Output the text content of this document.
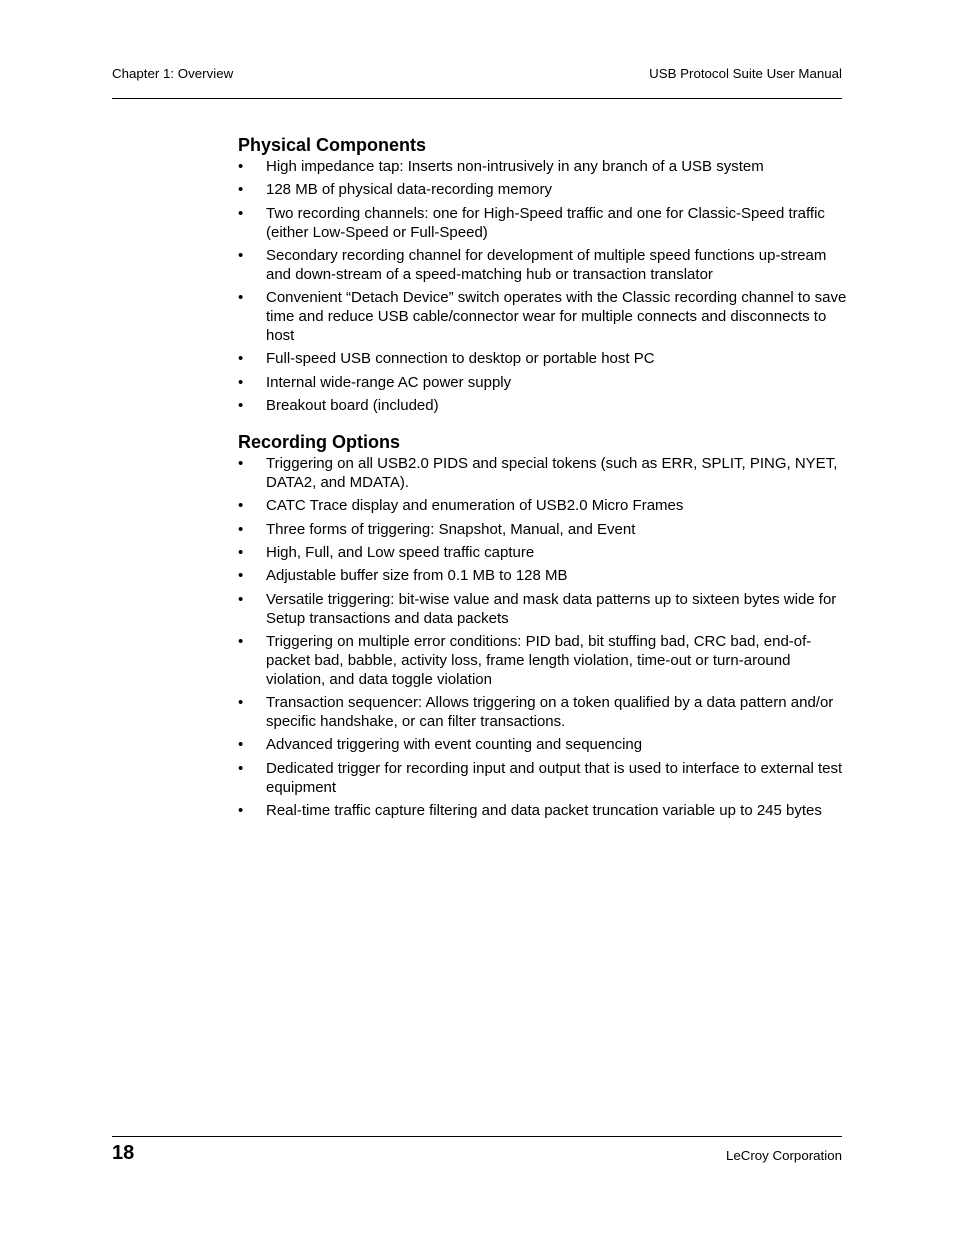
Chapter 1: Overview	USB Protocol Suite User Manual
Physical Components
• High impedance tap: Inserts non-intrusively in any branch of a USB system
• 128 MB of physical data-recording memory
• Two recording channels: one for High-Speed traffic and one for Classic-Speed traffic (either Low-Speed or Full-Speed)
• Secondary recording channel for development of multiple speed functions up-stream and down-stream of a speed-matching hub or transaction translator
• Convenient “Detach Device” switch operates with the Classic recording channel to save time and reduce USB cable/connector wear for multiple connects and disconnects to host
• Full-speed USB connection to desktop or portable host PC
• Internal wide-range AC power supply
• Breakout board (included)
Recording Options
• Triggering on all USB2.0 PIDS and special tokens (such as ERR, SPLIT, PING, NYET, DATA2, and MDATA).
• CATC Trace display and enumeration of USB2.0 Micro Frames
• Three forms of triggering: Snapshot, Manual, and Event
• High, Full, and Low speed traffic capture
• Adjustable buffer size from 0.1 MB to 128 MB
• Versatile triggering: bit-wise value and mask data patterns up to sixteen bytes wide for Setup transactions and data packets
• Triggering on multiple error conditions: PID bad, bit stuffing bad, CRC bad, end-of-packet bad, babble, activity loss, frame length violation, time-out or turn-around violation, and data toggle violation
• Transaction sequencer: Allows triggering on a token qualified by a data pattern and/or specific handshake, or can filter transactions.
• Advanced triggering with event counting and sequencing
• Dedicated trigger for recording input and output that is used to interface to external test equipment
• Real-time traffic capture filtering and data packet truncation variable up to 245 bytes
18	LeCroy Corporation
